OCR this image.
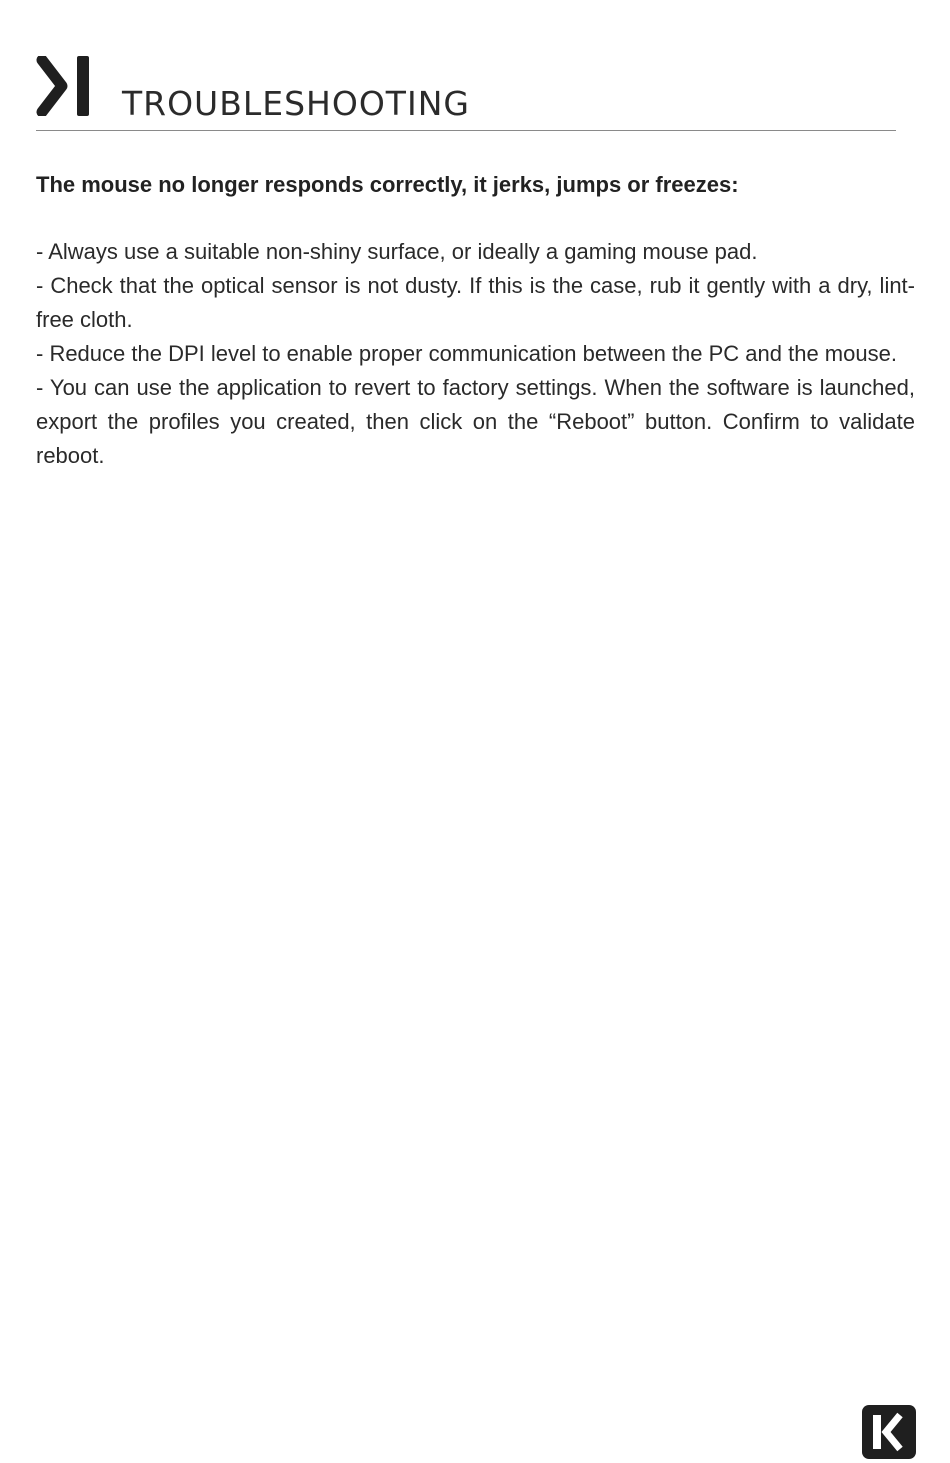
TROUBLESHOOTING

The mouse no longer responds correctly, it jerks, jumps or freezes:

- Always use a suitable non-shiny surface, or ideally a gaming mouse pad.
- Check that the optical sensor is not dusty. If this is the case, rub it gently with a dry, lint-free cloth.
- Reduce the DPI level to enable proper communication between the PC and the mouse.
- You can use the application to revert to factory settings. When the software is launched, export the profiles you created, then click on the “Reboot” button. Confirm to validate reboot.
